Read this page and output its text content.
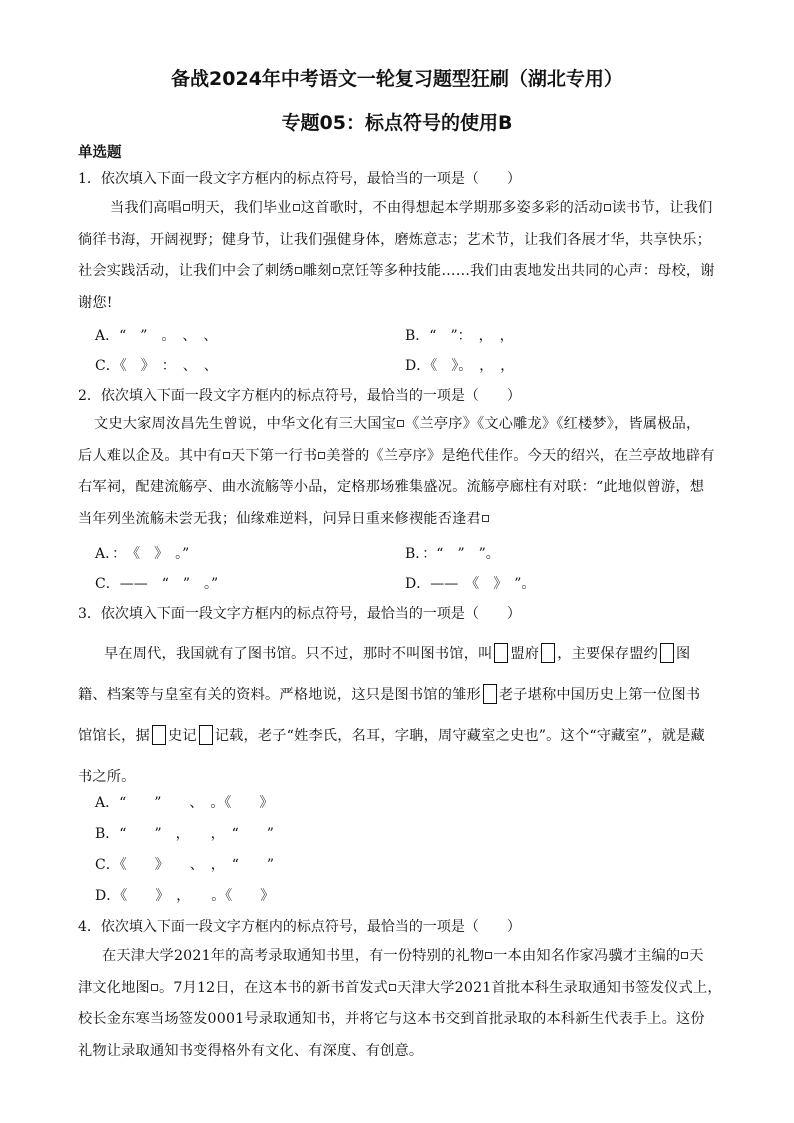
备战2024年中考语文一轮复习题型狂刷（湖北专用）
专题05：标点符号的使用B
单选题
1．依次填入下面一段文字方框内的标点符号，最恰当的一项是（　　）
当我们高唱 明天，我们毕业 这首歌时，不由得想起本学期那多姿多彩的活动 读书节，让我们
徜徉书海，开阔视野；健身节，让我们强健身体，磨炼意志；艺术节，让我们各展才华，共享快乐；
社会实践活动，让我们中会了刺绣 雕刻 烹饪等多种技能……我们由衷地发出共同的心声：母校，谢
谢您!
A．“　”　。　、　、	B．“　”：　，　，
C．《　》　：　、　、	D．《　》。　，　，
2．依次填入下面一段文字方框内的标点符号，最恰当的一项是（　　）
文史大家周汝昌先生曾说，中华文化有三大国宝 《兰亭序》《文心雕龙》《红楼梦》，皆属极品，
后人难以企及。其中有 天下第一行书 美誉的《兰亭序》是绝代佳作。今天的绍兴，在兰亭故地辟有
右军祠，配建流觞亭、曲水流觞等小品，定格那场雅集盛况。流觞亭廊柱有对联：“此地似曾游，想
当年列坐流觞未尝无我；仙缘难逆料，问异日重来修禊能否逢君
A．：　《　》　。”	B．：“　”　”。
C．——　“　”　。”	D．——　《　》　”。
3．依次填入下面一段文字方框内的标点符号，最恰当的一项是（　　）
早在周代，我国就有了图书馆。只不过，那时不叫图书馆，叫 盟府 ，主要保存盟约 图
籍、档案等与皇室有关的资料。严格地说，这只是图书馆的雏形 老子堪称中国历史上第一位图书
馆馆长，据 史记 记载，老子“姓李氏，名耳，字聃，周守藏室之史也”。这个“守藏室”，就是藏
书之所。
A．“　　”　　、　。《　　》
B．“　　”　，　　，　“　　”
C．《　　》　　、　，　“　　”
D．《　　》　，　　。《　　》
4．依次填入下面一段文字方框内的标点符号，最恰当的一项是（　　）
在天津大学2021年的高考录取通知书里，有一份特别的礼物 一本由知名作家冯骥才主编的 天
津文化地图 。7月12日，在这本书的新书首发式 天津大学2021首批本科生录取通知书签发仪式上，
校长金东寒当场签发0001号录取通知书，并将它与这本书交到首批录取的本科新生代表手上。这份
礼物让录取通知书变得格外有文化、有深度、有创意。
